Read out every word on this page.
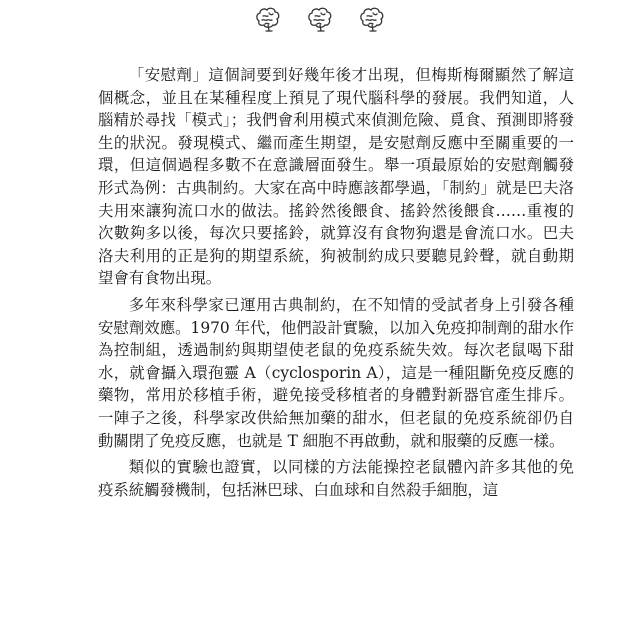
「安慰劑」這個詞要到好幾年後才出現，但梅斯梅爾顯然了解這個概念，並且在某種程度上預見了現代腦科學的發展。我們知道，人腦精於尋找「模式」；我們會利用模式來偵測危險、覓食、預測即將發生的狀況。發現模式、繼而產生期望，是安慰劑反應中至關重要的一環，但這個過程多數不在意識層面發生。舉一項最原始的安慰劑觸發形式為例：古典制約。大家在高中時應該都學過，「制約」就是巴夫洛夫用來讓狗流口水的做法。搖鈴然後餵食、搖鈴然後餵食……重複的次數夠多以後，每次只要搖鈴，就算沒有食物狗還是會流口水。巴夫洛夫利用的正是狗的期望系統，狗被制約成只要聽見鈴聲，就自動期望會有食物出現。

多年來科學家已運用古典制約，在不知情的受試者身上引發各種安慰劑效應。1970 年代，他們設計實驗，以加入免疫抑制劑的甜水作為控制組，透過制約與期望使老鼠的免疫系統失效。每次老鼠喝下甜水，就會攝入環孢靈 A（cyclosporin A），這是一種阻斷免疫反應的藥物，常用於移植手術，避免接受移植者的身體對新器官產生排斥。一陣子之後，科學家改供給無加藥的甜水，但老鼠的免疫系統卻仍自動關閉了免疫反應，也就是 T 細胞不再啟動，就和服藥的反應一樣。

類似的實驗也證實，以同樣的方法能操控老鼠體內許多其他的免疫系統觸發機制，包括淋巴球、白血球和自然殺手細胞，這
